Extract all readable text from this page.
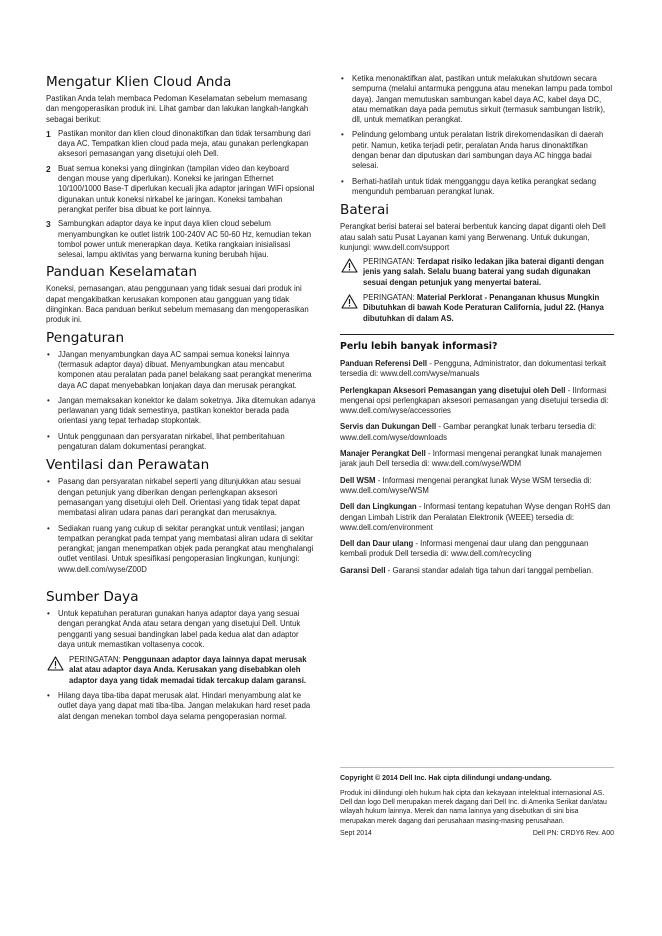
Mengatur Klien Cloud Anda

Pastikan Anda telah membaca Pedoman Keselamatan sebelum memasang dan mengoperasikan produk ini. Lihat gambar dan lakukan langkah-langkah sebagai berikut:

1 Pastikan monitor dan klien cloud dinonaktifkan dan tidak tersambung dari daya AC. Tempatkan klien cloud pada meja, atau gunakan perlengkapan aksesori pemasangan yang disetujui oleh Dell.
2 Buat semua koneksi yang diinginkan (tampilan video dan keyboard dengan mouse yang diperlukan). Koneksi ke jaringan Ethernet 10/100/1000 Base-T diperlukan kecuali jika adaptor jaringan WiFi opsional digunakan untuk koneksi nirkabel ke jaringan. Koneksi tambahan perangkat perifer bisa dibuat ke port lainnya.
3 Sambungkan adaptor daya ke input daya klien cloud sebelum menyambungkan ke outlet listrik 100-240V AC 50-60 Hz, kemudian tekan tombol power untuk menerapkan daya. Ketika rangkaian inisialisasi selesai, lampu aktivitas yang berwarna kuning berubah hijau.
Panduan Keselamatan

Koneksi, pemasangan, atau penggunaan yang tidak sesuai dari produk ini dapat mengakibatkan kerusakan komponen atau gangguan yang tidak diinginkan. Baca panduan berikut sebelum memasang dan mengoperasikan produk ini.

Pengaturan
• JJangan menyambungkan daya AC sampai semua koneksi lainnya (termasuk adaptor daya) dibuat. Menyambungkan atau mencabut komponen atau peralatan pada panel belakang saat perangkat menerima daya AC dapat menyebabkan lonjakan daya dan merusak perangkat.
• Jangan memaksakan konektor ke dalam soketnya. Jika ditemukan adanya perlawanan yang tidak semestinya, pastikan konektor berada pada orientasi yang tepat terhadap stopkontak.
• Untuk penggunaan dan persyaratan nirkabel, lihat pemberitahuan pengaturan dalam dokumentasi perangkat.
Ventilasi dan Perawatan
• Pasang dan persyaratan nirkabel seperti yang ditunjukkan atau sesuai dengan petunjuk yang diberikan dengan perlengkapan aksesori pemasangan yang disetujui oleh Dell. Orientasi yang tidak tepat dapat membatasi aliran udara panas dari perangkat dan merusaknya.
• Sediakan ruang yang cukup di sekitar perangkat untuk ventilasi; jangan tempatkan perangkat pada tempat yang membatasi aliran udara di sekitar perangkat; jangan menempatkan objek pada perangkat atau menghalangi outlet ventilasi. Untuk spesifikasi pengoperasian lingkungan, kunjungi: www.dell.com/wyse/Z00D
Sumber Daya
• Untuk kepatuhan peraturan gunakan hanya adaptor daya yang sesuai dengan perangkat Anda atau setara dengan yang disetujui Dell. Untuk pengganti yang sesuai bandingkan label pada kedua alat dan adaptor daya untuk memastikan voltasenya cocok.
PERINGATAN: Penggunaan adaptor daya lainnya dapat merusak alat atau adaptor daya Anda. Kerusakan yang disebabkan oleh adaptor daya yang tidak memadai tidak tercakup dalam garansi.
• Hilang daya tiba-tiba dapat merusak alat. Hindari menyambung alat ke outlet daya yang dapat mati tiba-tiba. Jangan melakukan hard reset pada alat dengan menekan tombol daya selama pengoperasian normal.
• Ketika menonaktifkan alat, pastikan untuk melakukan shutdown secara sempurna (melalui antarmuka pengguna atau menekan lampu pada tombol daya). Jangan memutuskan sambungan kabel daya AC, kabel daya DC, atau mematikan daya pada pemutus sirkuit (termasuk sambungan listrik), dll, untuk mematikan perangkat.
• Pelindung gelombang untuk peralatan listrik direkomendasikan di daerah petir. Namun, ketika terjadi petir, peralatan Anda harus dinonaktifkan dengan benar dan diputuskan dari sambungan daya AC hingga badai selesai.
• Berhati-hatilah untuk tidak mengganggu daya ketika perangkat sedang mengunduh pembaruan perangkat lunak.
Baterai

Perangkat berisi baterai sel baterai berbentuk kancing dapat diganti oleh Dell atau salah satu Pusat Layanan kami yang Berwenang. Untuk dukungan, kunjungi: www.dell.com/support

PERINGATAN: Terdapat risiko ledakan jika baterai diganti dengan jenis yang salah. Selalu buang baterai yang sudah digunakan sesuai dengan petunjuk yang menyertai baterai.
PERINGATAN: Material Perklorat - Penanganan khusus Mungkin Dibutuhkan di bawah Kode Peraturan California, judul 22. (Hanya dibutuhkan di dalam AS.
Perlu lebih banyak informasi?

Panduan Referensi Dell - Pengguna, Administrator, dan dokumentasi terkait tersedia di: www.dell.com/wyse/manuals

Perlengkapan Aksesori Pemasangan yang disetujui oleh Dell - IInformasi mengenai opsi perlengkapan aksesori pemasangan yang disetujui tersedia di: www.dell.com/wyse/accessories

Servis dan Dukungan Dell - Gambar perangkat lunak terbaru tersedia di: www.dell.com/wyse/downloads

Manajer Perangkat Dell - Informasi mengenai perangkat lunak manajemen jarak jauh Dell tersedia di: www.dell.com/wyse/WDM

Dell WSM - Informasi mengenai perangkat lunak Wyse WSM tersedia di: www.dell.com/wyse/WSM

Dell dan Lingkungan - Informasi tentang kepatuhan Wyse dengan RoHS dan dengan Limbah Listrik dan Peralatan Elektronik (WEEE) tersedia di: www.dell.com/environment

Dell dan Daur ulang - Informasi mengenai daur ulang dan penggunaan kembali produk Dell tersedia di: www.dell.com/recycling

Garansi Dell - Garansi standar adalah tiga tahun dari tanggal pembelian.

Copyright © 2014 Dell Inc. Hak cipta dilindungi undang-undang.

Produk ini dilindungi oleh hukum hak cipta dan kekayaan intelektual internasional AS. Dell dan logo Dell merupakan merek dagang dari Dell Inc. di Amerika Serikat dan/atau wilayah hukum lainnya. Merek dan nama lainnya yang disebutkan di sini bisa merupakan merek dagang dari perusahaan masing-masing perusahaan.

Sept 2014	Dell PN: CRDY6 Rev. A00
